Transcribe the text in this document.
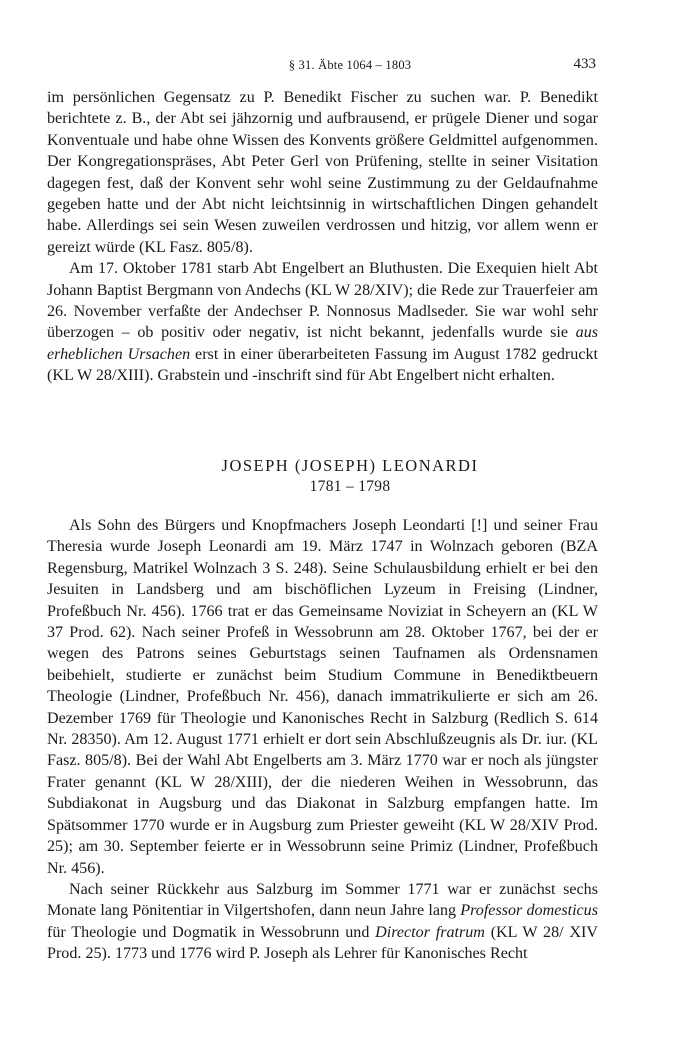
§ 31. Äbte 1064 – 1803	433

im persönlichen Gegensatz zu P. Benedikt Fischer zu suchen war. P. Benedikt berichtete z. B., der Abt sei jähzornig und aufbrausend, er prügele Diener und sogar Konventuale und habe ohne Wissen des Konvents größere Geldmittel aufgenommen. Der Kongregationspräses, Abt Peter Gerl von Prüfening, stellte in seiner Visitation dagegen fest, daß der Konvent sehr wohl seine Zustimmung zu der Geldaufnahme gegeben hatte und der Abt nicht leichtsinnig in wirtschaftlichen Dingen gehandelt habe. Allerdings sei sein Wesen zuweilen verdrossen und hitzig, vor allem wenn er gereizt würde (KL Fasz. 805/8).

Am 17. Oktober 1781 starb Abt Engelbert an Bluthusten. Die Exequien hielt Abt Johann Baptist Bergmann von Andechs (KL W 28/XIV); die Rede zur Trauerfeier am 26. November verfaßte der Andechser P. Nonnosus Madlseder. Sie war wohl sehr überzogen – ob positiv oder negativ, ist nicht bekannt, jedenfalls wurde sie aus erheblichen Ursachen erst in einer überarbeiteten Fassung im August 1782 gedruckt (KL W 28/XIII). Grabstein und -inschrift sind für Abt Engelbert nicht erhalten.

JOSEPH (JOSEPH) LEONARDI
1781 – 1798

Als Sohn des Bürgers und Knopfmachers Joseph Leondarti [!] und seiner Frau Theresia wurde Joseph Leonardi am 19. März 1747 in Wolnzach geboren (BZA Regensburg, Matrikel Wolnzach 3 S. 248). Seine Schulausbildung erhielt er bei den Jesuiten in Landsberg und am bischöflichen Lyzeum in Freising (Lindner, Profeßbuch Nr. 456). 1766 trat er das Gemeinsame Noviziat in Scheyern an (KL W 37 Prod. 62). Nach seiner Profeß in Wessobrunn am 28. Oktober 1767, bei der er wegen des Patrons seines Geburtstags seinen Taufnamen als Ordensnamen beibehielt, studierte er zunächst beim Studium Commune in Benediktbeuern Theologie (Lindner, Profeßbuch Nr. 456), danach immatrikulierte er sich am 26. Dezember 1769 für Theologie und Kanonisches Recht in Salzburg (Redlich S. 614 Nr. 28350). Am 12. August 1771 erhielt er dort sein Abschlußzeugnis als Dr. iur. (KL Fasz. 805/8). Bei der Wahl Abt Engelberts am 3. März 1770 war er noch als jüngster Frater genannt (KL W 28/XIII), der die niederen Weihen in Wessobrunn, das Subdiakonat in Augsburg und das Diakonat in Salzburg empfangen hatte. Im Spätsommer 1770 wurde er in Augsburg zum Priester geweiht (KL W 28/XIV Prod. 25); am 30. September feierte er in Wessobrunn seine Primiz (Lindner, Profeßbuch Nr. 456).

Nach seiner Rückkehr aus Salzburg im Sommer 1771 war er zunächst sechs Monate lang Pönitentiar in Vilgertshofen, dann neun Jahre lang Professor domesticus für Theologie und Dogmatik in Wessobrunn und Director fratrum (KL W 28/ XIV Prod. 25). 1773 und 1776 wird P. Joseph als Lehrer für Kanonisches Recht
